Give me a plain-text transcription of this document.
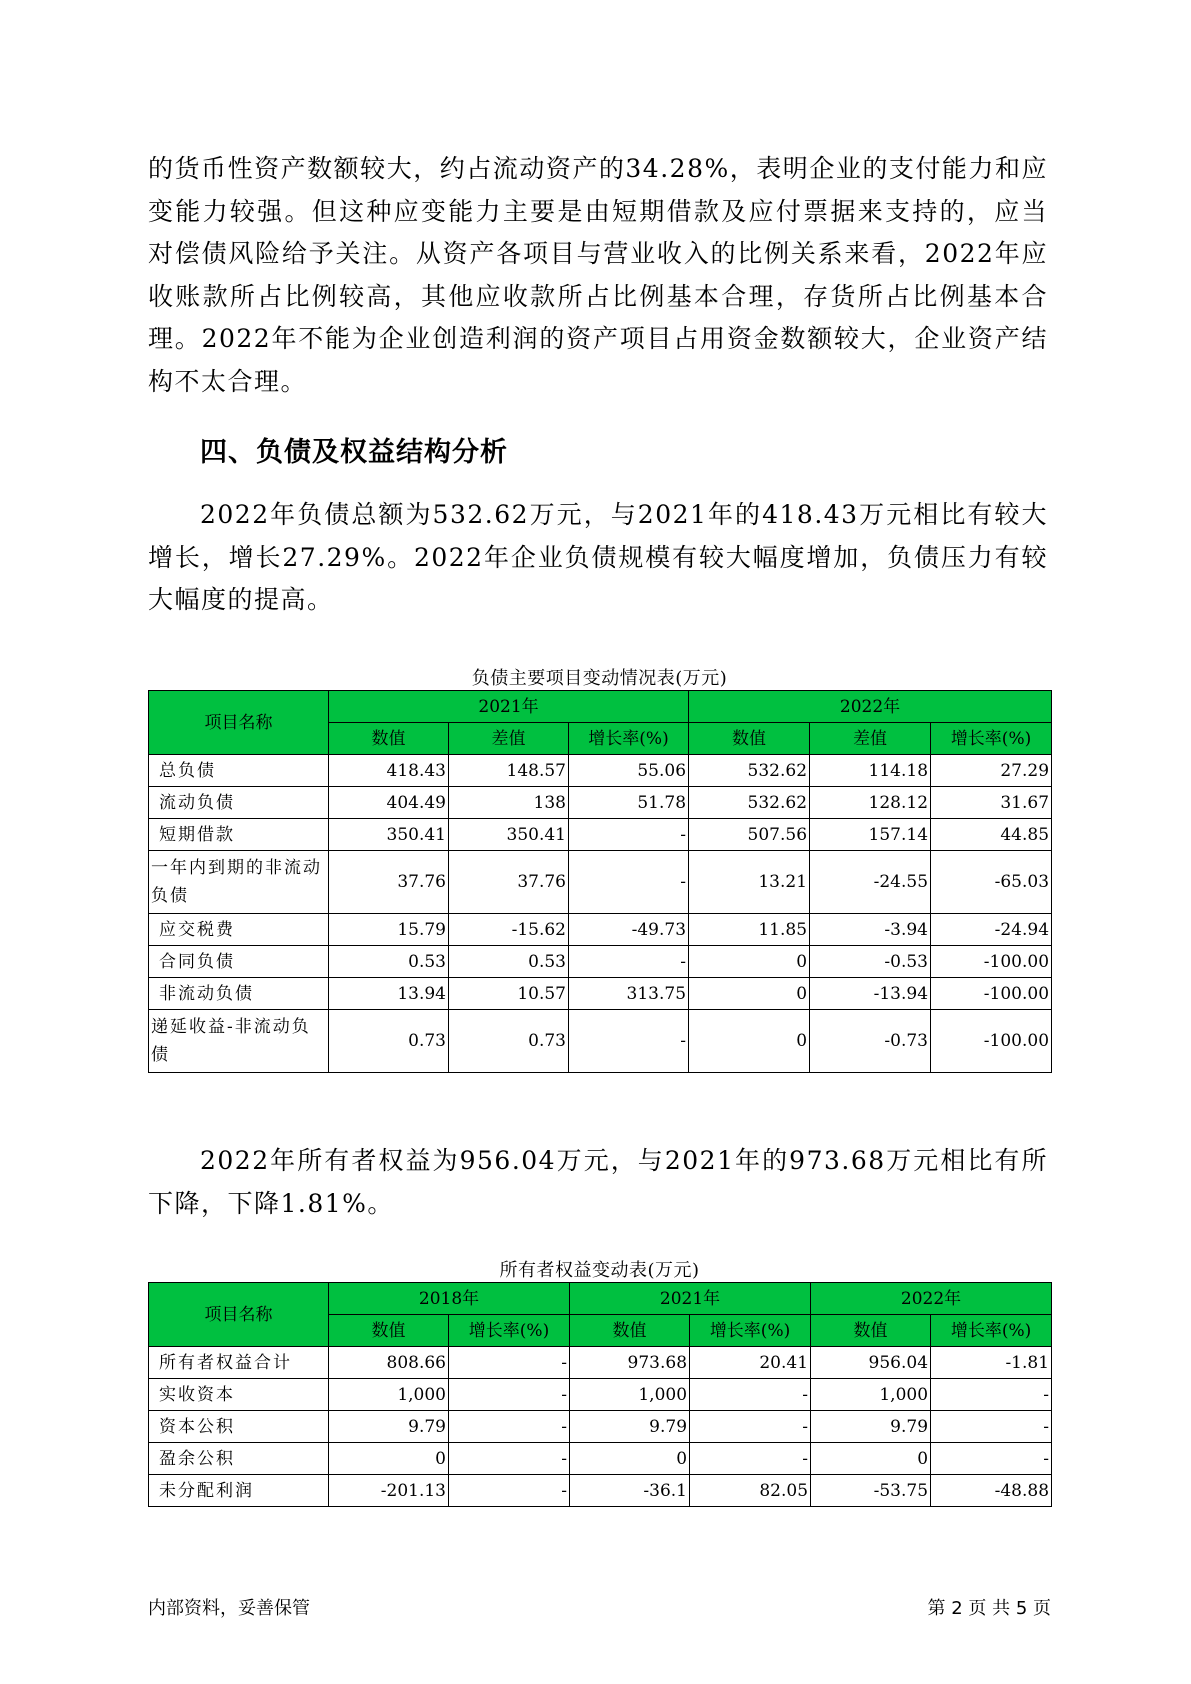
的货币性资产数额较大，约占流动资产的34.28%，表明企业的支付能力和应变能力较强。但这种应变能力主要是由短期借款及应付票据来支持的，应当对偿债风险给予关注。从资产各项目与营业收入的比例关系来看，2022年应收账款所占比例较高，其他应收款所占比例基本合理，存货所占比例基本合理。2022年不能为企业创造利润的资产项目占用资金数额较大，企业资产结构不太合理。

四、负债及权益结构分析

2022年负债总额为532.62万元，与2021年的418.43万元相比有较大增长，增长27.29%。2022年企业负债规模有较大幅度增加，负债压力有较大幅度的提高。

负债主要项目变动情况表(万元)
项目名称	2021年			2022年		
	数值	差值	增长率(%)	数值	差值	增长率(%)
总负债	418.43	148.57	55.06	532.62	114.18	27.29
流动负债	404.49	138	51.78	532.62	128.12	31.67
短期借款	350.41	350.41	-	507.56	157.14	44.85
一年内到期的非流动负债	37.76	37.76	-	13.21	-24.55	-65.03
应交税费	15.79	-15.62	-49.73	11.85	-3.94	-24.94
合同负债	0.53	0.53	-	0	-0.53	-100.00
非流动负债	13.94	10.57	313.75	0	-13.94	-100.00
递延收益-非流动负债	0.73	0.73	-	0	-0.73	-100.00

2022年所有者权益为956.04万元，与2021年的973.68万元相比有所下降，下降1.81%。

所有者权益变动表(万元)
项目名称	2018年		2021年		2022年	
	数值	增长率(%)	数值	增长率(%)	数值	增长率(%)
所有者权益合计	808.66	-	973.68	20.41	956.04	-1.81
实收资本	1,000	-	1,000	-	1,000	-
资本公积	9.79	-	9.79	-	9.79	-
盈余公积	0	-	0	-	0	-
未分配利润	-201.13	-	-36.1	82.05	-53.75	-48.88
内部资料，妥善保管	第 2 页 共 5 页
